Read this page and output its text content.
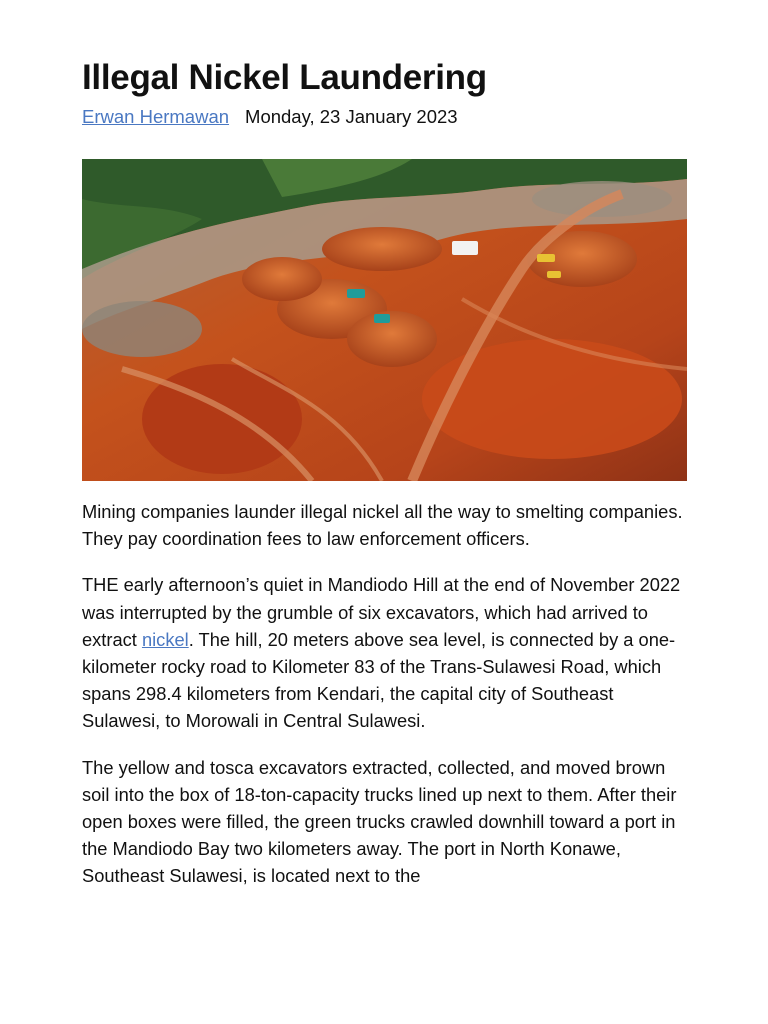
Illegal Nickel Laundering
Erwan Hermawan Monday, 23 January 2023

Mining companies launder illegal nickel all the way to smelting companies. They pay coordination fees to law enforcement officers.

THE early afternoon’s quiet in Mandiodo Hill at the end of November 2022 was interrupted by the grumble of six excavators, which had arrived to extract nickel. The hill, 20 meters above sea level, is connected by a one-kilometer rocky road to Kilometer 83 of the Trans-Sulawesi Road, which spans 298.4 kilometers from Kendari, the capital city of Southeast Sulawesi, to Morowali in Central Sulawesi.

The yellow and tosca excavators extracted, collected, and moved brown soil into the box of 18-ton-capacity trucks lined up next to them. After their open boxes were filled, the green trucks crawled downhill toward a port in the Mandiodo Bay two kilometers away. The port in North Konawe, Southeast Sulawesi, is located next to the
